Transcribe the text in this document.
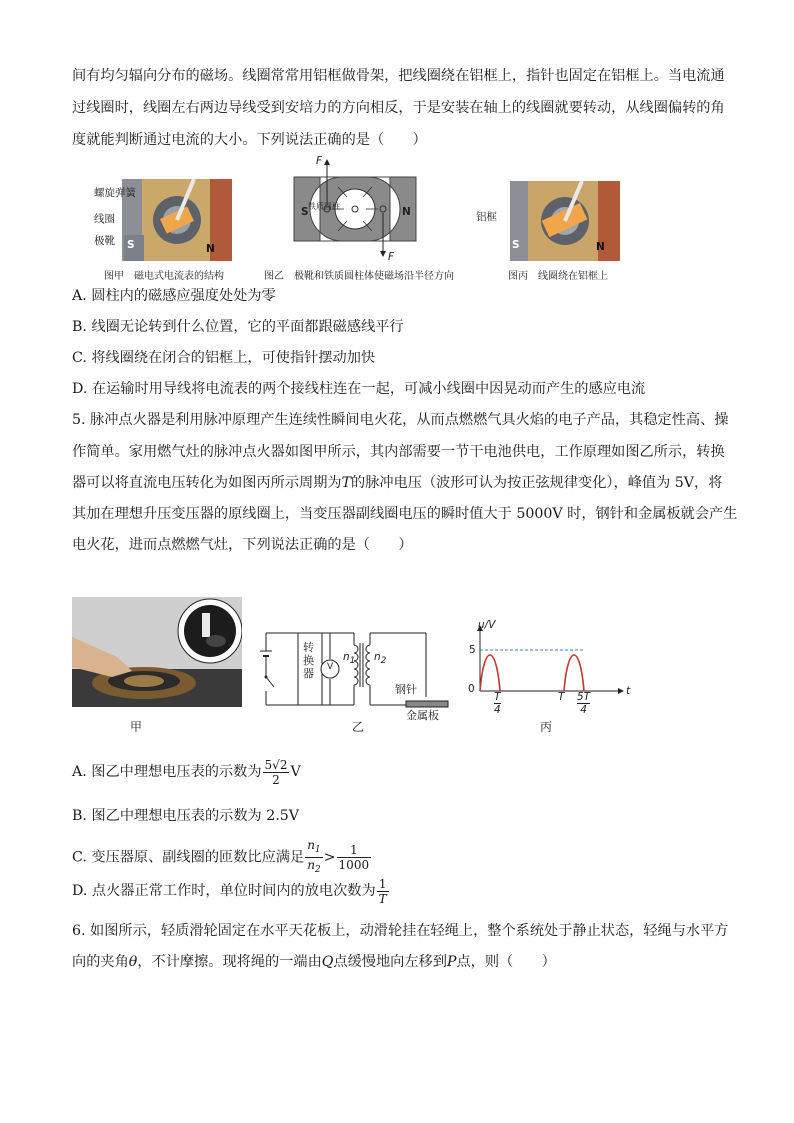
间有均匀辐向分布的磁场。线圈常常用铝框做骨架，把线圈绕在铝框上，指针也固定在铝框上。当电流通
过线圈时，线圈左右两边导线受到安培力的方向相反，于是安装在轴上的线圈就要转动，从线圈偏转的角
度就能判断通过电流的大小。下列说法正确的是（　　）
螺旋弹簧
线圈
极靴 S	N
铁质圆柱
S	N
F
F
铝框
S	N
图甲　磁电式电流表的结构	图乙　极靴和铁质圆柱体使磁场沿半径方向	图丙　线圈绕在铝框上
A. 圆柱内的磁感应强度处处为零
B. 线圈无论转到什么位置，它的平面都跟磁感线平行
C. 将线圈绕在闭合的铝框上，可使指针摆动加快
D. 在运输时用导线将电流表的两个接线柱连在一起，可减小线圈中因晃动而产生的感应电流
5. 脉冲点火器是利用脉冲原理产生连续性瞬间电火花，从而点燃燃气具火焰的电子产品，其稳定性高、操
作简单。家用燃气灶的脉冲点火器如图甲所示，其内部需要一节干电池供电，工作原理如图乙所示，转换
器可以将直流电压转化为如图丙所示周期为T的脉冲电压（波形可认为按正弦规律变化），峰值为 5V，将
其加在理想升压变压器的原线圈上，当变压器副线圈电压的瞬时值大于 5000V 时，钢针和金属板就会产生
电火花，进而点燃燃气灶，下列说法正确的是（　　）
甲
转换器 V
n1 n2
钢针
金属板
乙
u/V
5
0	t
T
4
T 5T
4
丙
A. 图乙中理想电压表的示数为 $\frac{5√2}{2}$ V
B. 图乙中理想电压表的示数为 2.5V
C. 变压器原、副线圈的匝数比应满足 $\frac{n_1}{n_2} > \frac{1}{1000}$
D. 点火器正常工作时，单位时间内的放电次数为 $\frac{1}{T}$
6. 如图所示，轻质滑轮固定在水平天花板上，动滑轮挂在轻绳上，整个系统处于静止状态，轻绳与水平方
向的夹角θ，不计摩擦。现将绳的一端由Q点缓慢地向左移到P点，则（　　）
